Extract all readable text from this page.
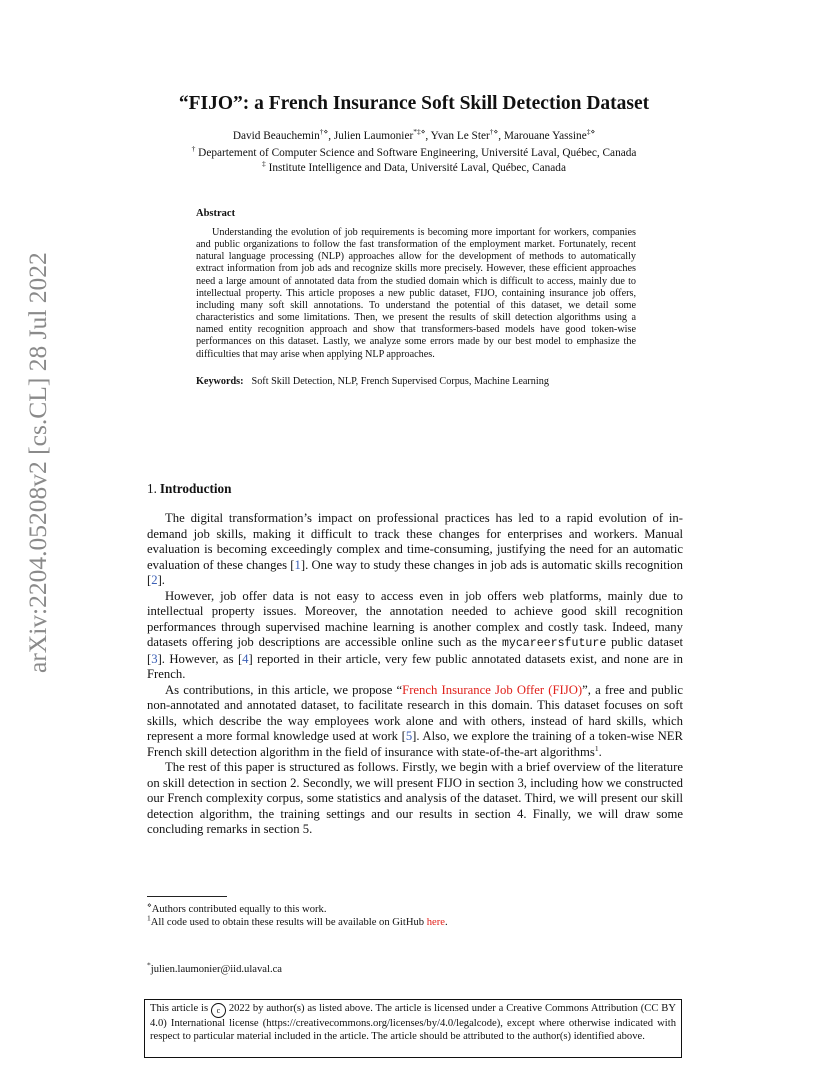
arXiv:2204.05208v2 [cs.CL] 28 Jul 2022
“FIJO”: a French Insurance Soft Skill Detection Dataset
David Beauchemin†⋄, Julien Laumonier*‡⋄, Yvan Le Ster†⋄, Marouane Yassine‡⋄
† Departement of Computer Science and Software Engineering, Université Laval, Québec, Canada
‡ Institute Intelligence and Data, Université Laval, Québec, Canada
Abstract

Understanding the evolution of job requirements is becoming more important for workers, companies and public organizations to follow the fast transformation of the employment market. Fortunately, recent natural language processing (NLP) approaches allow for the development of methods to automatically extract information from job ads and recognize skills more precisely. However, these efficient approaches need a large amount of annotated data from the studied domain which is difficult to access, mainly due to intellectual property. This article proposes a new public dataset, FIJO, containing insurance job offers, including many soft skill annotations. To understand the potential of this dataset, we detail some characteristics and some limitations. Then, we present the results of skill detection algorithms using a named entity recognition approach and show that transformers-based models have good token-wise performances on this dataset. Lastly, we analyze some errors made by our best model to emphasize the difficulties that may arise when applying NLP approaches.

Keywords: Soft Skill Detection, NLP, French Supervised Corpus, Machine Learning
1. Introduction

The digital transformation’s impact on professional practices has led to a rapid evolution of in-demand job skills, making it difficult to track these changes for enterprises and workers. Manual evaluation is becoming exceedingly complex and time-consuming, justifying the need for an automatic evaluation of these changes [1]. One way to study these changes in job ads is automatic skills recognition [2].

However, job offer data is not easy to access even in job offers web platforms, mainly due to intellectual property issues. Moreover, the annotation needed to achieve good skill recognition performances through supervised machine learning is another complex and costly task. Indeed, many datasets offering job descriptions are accessible online such as the mycareersfuture public dataset [3]. However, as [4] reported in their article, very few public annotated datasets exist, and none are in French.

As contributions, in this article, we propose “French Insurance Job Offer (FIJO)”, a free and public non-annotated and annotated dataset, to facilitate research in this domain. This dataset focuses on soft skills, which describe the way employees work alone and with others, instead of hard skills, which represent a more formal knowledge used at work [5]. Also, we explore the training of a token-wise NER French skill detection algorithm in the field of insurance with state-of-the-art algorithms$^1$.

The rest of this paper is structured as follows. Firstly, we begin with a brief overview of the literature on skill detection in section 2. Secondly, we will present FIJO in section 3, including how we constructed our French complexity corpus, some statistics and analysis of the dataset. Third, we will present our skill detection algorithm, the training settings and our results in section 4. Finally, we will draw some concluding remarks in section 5.

⋄Authors contributed equally to this work.
$^1$All code used to obtain these results will be available on GitHub here.
*julien.laumonier@iid.ulaval.ca
This article is c 2022 by author(s) as listed above. The article is licensed under a Creative Commons Attribution (CC BY 4.0) International license (https://creativecommons.org/licenses/by/4.0/legalcode), except where otherwise indicated with respect to particular material included in the article. The article should be attributed to the author(s) identified above.
